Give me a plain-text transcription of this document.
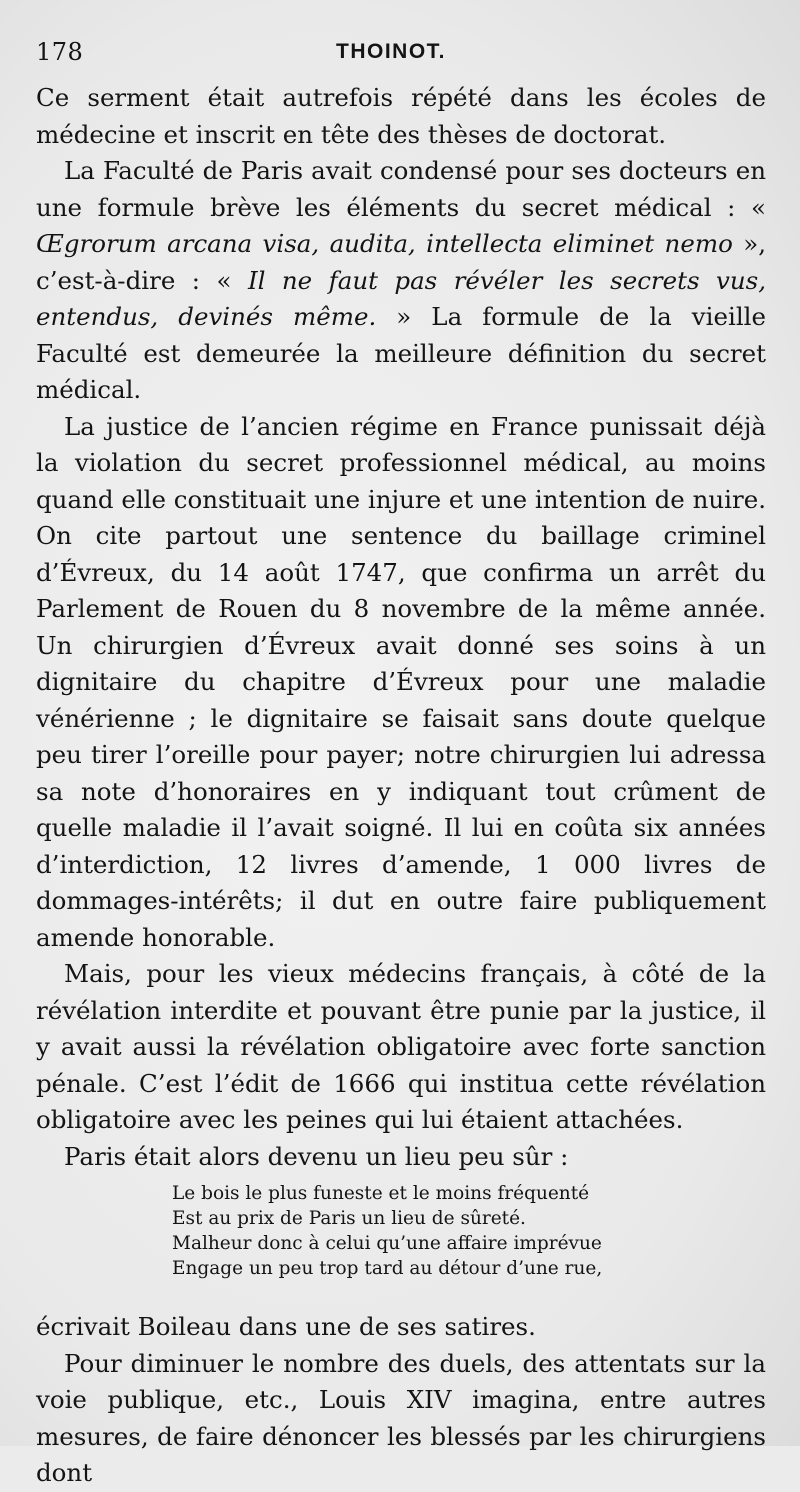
178	THOINOT.

Ce serment était autrefois répété dans les écoles de médecine et inscrit en tête des thèses de doctorat.

La Faculté de Paris avait condensé pour ses docteurs en une formule brève les éléments du secret médical : « Œgrorum arcana visa, audita, intellecta eliminet nemo », c’est-à-dire : « Il ne faut pas révéler les secrets vus, entendus, devinés même. » La formule de la vieille Faculté est demeurée la meilleure définition du secret médical.

La justice de l’ancien régime en France punissait déjà la violation du secret professionnel médical, au moins quand elle constituait une injure et une intention de nuire. On cite partout une sentence du baillage criminel d’Évreux, du 14 août 1747, que confirma un arrêt du Parlement de Rouen du 8 novembre de la même année. Un chirurgien d’Évreux avait donné ses soins à un dignitaire du chapitre d’Évreux pour une maladie vénérienne ; le dignitaire se faisait sans doute quelque peu tirer l’oreille pour payer; notre chirurgien lui adressa sa note d’honoraires en y indiquant tout crûment de quelle maladie il l’avait soigné. Il lui en coûta six années d’interdiction, 12 livres d’amende, 1 000 livres de dommages-intérêts; il dut en outre faire publiquement amende honorable.

Mais, pour les vieux médecins français, à côté de la révélation interdite et pouvant être punie par la justice, il y avait aussi la révélation obligatoire avec forte sanction pénale. C’est l’édit de 1666 qui institua cette révélation obligatoire avec les peines qui lui étaient attachées.

Paris était alors devenu un lieu peu sûr :

Le bois le plus funeste et le moins fréquenté
Est au prix de Paris un lieu de sûreté.
Malheur donc à celui qu’une affaire imprévue
Engage un peu trop tard au détour d’une rue,

écrivait Boileau dans une de ses satires.

Pour diminuer le nombre des duels, des attentats sur la voie publique, etc., Louis XIV imagina, entre autres mesures, de faire dénoncer les blessés par les chirurgiens dont
